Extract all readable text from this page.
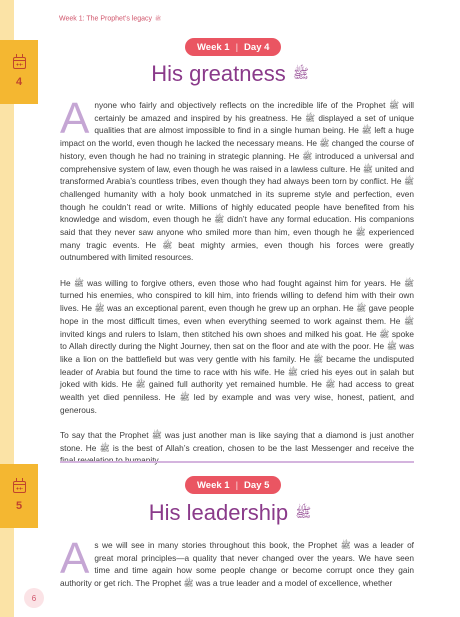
Week 1: The Prophet’s legacy ﷺ
4
Week 1 | Day 4
His greatness ﷺ

Anyone who fairly and objectively reflects on the incredible life of the Prophet ﷺ will certainly be amazed and inspired by his greatness. He ﷺ displayed a set of unique qualities that are almost impossible to find in a single human being. He ﷺ left a huge impact on the world, even though he lacked the necessary means. He ﷺ changed the course of history, even though he had no training in strategic planning. He ﷺ introduced a universal and comprehensive system of law, even though he was raised in a lawless culture. He ﷺ united and transformed Arabia’s countless tribes, even though they had always been torn by conflict. He ﷺ challenged humanity with a holy book unmatched in its supreme style and perfection, even though he couldn’t read or write. Millions of highly educated people have benefited from his knowledge and wisdom, even though he ﷺ didn’t have any formal education. His companions said that they never saw anyone who smiled more than him, even though he ﷺ experienced many tragic events. He ﷺ beat mighty armies, even though his forces were greatly outnumbered with limited resources.

He ﷺ was willing to forgive others, even those who had fought against him for years. He ﷺ turned his enemies, who conspired to kill him, into friends willing to defend him with their own lives. He ﷺ was an exceptional parent, even though he grew up an orphan. He ﷺ gave people hope in the most difficult times, even when everything seemed to work against them. He ﷺ invited kings and rulers to Islam, then stitched his own shoes and milked his goat. He ﷺ spoke to Allah directly during the Night Journey, then sat on the floor and ate with the poor. He ﷺ was like a lion on the battlefield but was very gentle with his family. He ﷺ became the undisputed leader of Arabia but found the time to race with his wife. He ﷺ cried his eyes out in ṣalah but joked with kids. He ﷺ gained full authority yet remained humble. He ﷺ had access to great wealth yet died penniless. He ﷺ led by example and was very wise, honest, patient, and generous.

To say that the Prophet ﷺ was just another man is like saying that a diamond is just another stone. He ﷺ is the best of Allah’s creation, chosen to be the last Messenger and receive the final revelation to humanity.

5
Week 1 | Day 5
His leadership ﷺ

As we will see in many stories throughout this book, the Prophet ﷺ was a leader of great moral principles—a quality that never changed over the years. We have seen time and time again how some people change or become corrupt once they gain authority or get rich. The Prophet ﷺ was a true leader and a model of excellence, whether

6
